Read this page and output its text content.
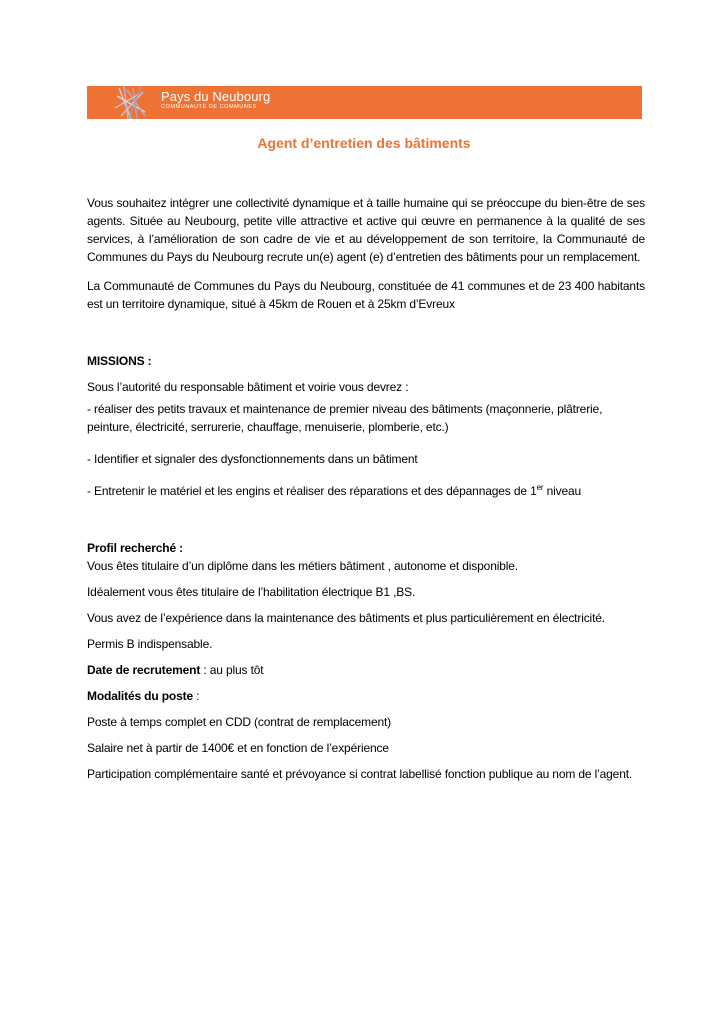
Pays du Neubourg
COMMUNAUTÉ DE COMMUNES
Agent d’entretien des bâtiments

Vous souhaitez intégrer une collectivité dynamique et à taille humaine qui se préoccupe du bien-être de ses agents. Située au Neubourg, petite ville attractive et active qui œuvre en permanence à la qualité de ses services, à l’amélioration de son cadre de vie et au développement de son territoire, la Communauté de Communes du Pays du Neubourg recrute un(e) agent (e) d’entretien des bâtiments pour un remplacement.

La Communauté de Communes du Pays du Neubourg, constituée de 41 communes et de 23 400 habitants est un territoire dynamique, situé à 45km de Rouen et à 25km d’Evreux

MISSIONS :

Sous l’autorité du responsable bâtiment et voirie vous devrez :

- réaliser des petits travaux et maintenance de premier niveau des bâtiments (maçonnerie, plâtrerie, peinture, électricité, serrurerie, chauffage, menuiserie, plomberie, etc.)

- Identifier et signaler des dysfonctionnements dans un bâtiment

- Entretenir le matériel et les engins et réaliser des réparations et des dépannages de 1er niveau

Profil recherché :

Vous êtes titulaire d’un diplôme dans les métiers bâtiment , autonome et disponible.

Idéalement vous êtes titulaire de l’habilitation électrique B1 ,BS.

Vous avez de l’expérience dans la maintenance des bâtiments et plus particulièrement en électricité.

Permis B indispensable.

Date de recrutement : au plus tôt

Modalités du poste :

Poste à temps complet en CDD (contrat de remplacement)

Salaire net à partir de 1400€ et en fonction de l’expérience

Participation complémentaire santé et prévoyance si contrat labellisé fonction publique au nom de l’agent.
